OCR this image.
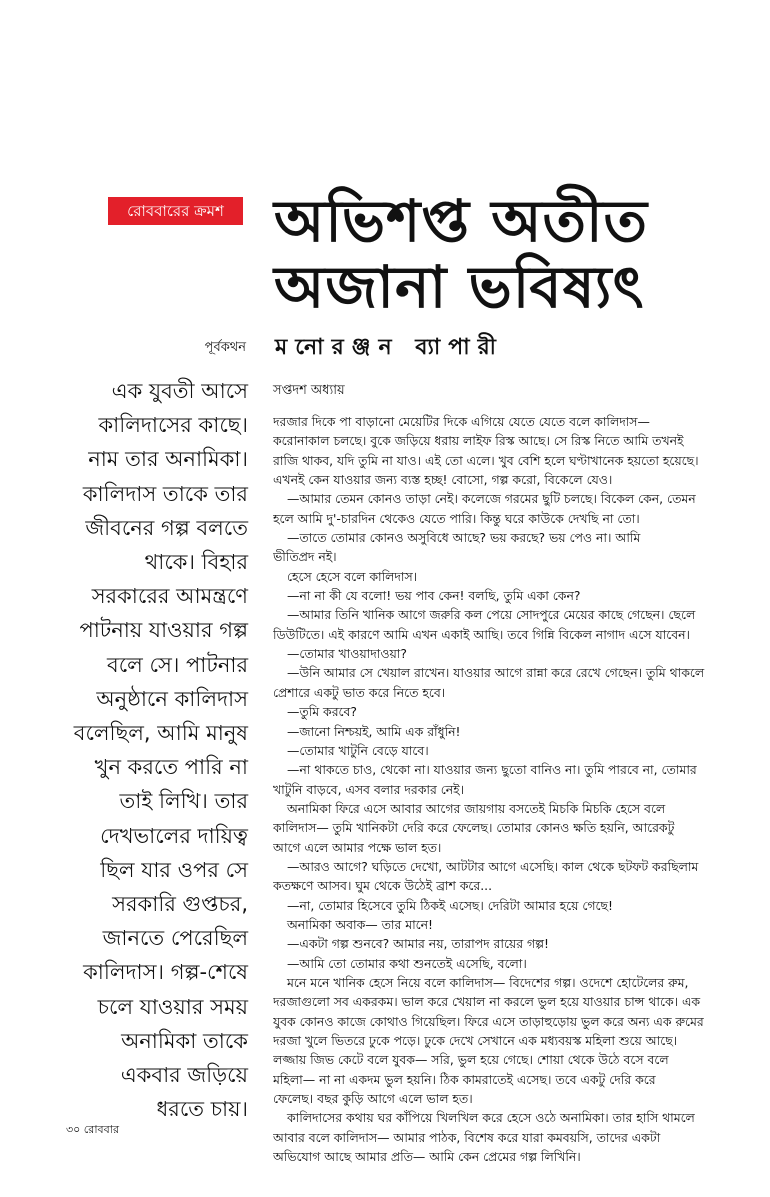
রোববারের ক্রমশ অভিশপ্ত অতীত
অজানা ভবিষ্যৎ
পূর্বকথন মনোরঞ্জন ব্যাপারী
সপ্তদশ অধ্যায়
এক যুবতী আসে
কালিদাসের কাছে।
নাম তার অনামিকা।
কালিদাস তাকে তার
জীবনের গল্প বলতে
থাকে। বিহার
সরকারের আমন্ত্রণে
পাটনায় যাওয়ার গল্প
বলে সে। পাটনার
অনুষ্ঠানে কালিদাস
বলেছিল, আমি মানুষ
খুন করতে পারি না
তাই লিখি। তার
দেখভালের দায়িত্ব
ছিল যার ওপর সে
সরকারি গুপ্তচর,
জানতে পেরেছিল
কালিদাস। গল্প-শেষে
চলে যাওয়ার সময়
অনামিকা তাকে
একবার জড়িয়ে
ধরতে চায়।
দরজার দিকে পা বাড়ানো মেয়েটির দিকে এগিয়ে যেতে যেতে বলে কালিদাস—
করোনাকাল চলছে। বুকে জড়িয়ে ধরায় লাইফ রিস্ক আছে। সে রিস্ক নিতে আমি তখনই
রাজি থাকব, যদি তুমি না যাও। এই তো এলে। খুব বেশি হলে ঘণ্টাখানেক হয়তো হয়েছে।
এখনই কেন যাওয়ার জন্য ব্যস্ত হচ্ছ! বোসো, গল্প করো, বিকেলে যেও।
—আমার তেমন কোনও তাড়া নেই। কলেজে গরমের ছুটি চলছে। বিকেল কেন, তেমন
হলে আমি দু'-চারদিন থেকেও যেতে পারি। কিন্তু ঘরে কাউকে দেখছি না তো।
—তাতে তোমার কোনও অসুবিধে আছে? ভয় করছে? ভয় পেও না। আমি
ভীতিপ্রদ নই।
হেসে হেসে বলে কালিদাস।
—না না কী যে বলো! ভয় পাব কেন! বলছি, তুমি একা কেন?
—আমার তিনি খানিক আগে জরুরি কল পেয়ে সোদপুরে মেয়ের কাছে গেছেন। ছেলে
ডিউটিতে। এই কারণে আমি এখন একাই আছি। তবে গিন্নি বিকেল নাগাদ এসে যাবেন।
—তোমার খাওয়াদাওয়া?
—উনি আমার সে খেয়াল রাখেন। যাওয়ার আগে রান্না করে রেখে গেছেন। তুমি থাকলে
প্রেশারে একটু ভাত করে নিতে হবে।
—তুমি করবে?
—জানো নিশ্চয়ই, আমি এক রাঁধুনি!
—তোমার খাটুনি বেড়ে যাবে।
—না থাকতে চাও, থেকো না। যাওয়ার জন্য ছুতো বানিও না। তুমি পারবে না, তোমার
খাটুনি বাড়বে, এসব বলার দরকার নেই।
অনামিকা ফিরে এসে আবার আগের জায়গায় বসতেই মিচকি মিচকি হেসে বলে
কালিদাস— তুমি খানিকটা দেরি করে ফেলেছ। তোমার কোনও ক্ষতি হয়নি, আরেকটু
আগে এলে আমার পক্ষে ভাল হত।
—আরও আগে? ঘড়িতে দেখো, আটটার আগে এসেছি। কাল থেকে ছটফট করছিলাম
কতক্ষণে আসব। ঘুম থেকে উঠেই ব্রাশ করে...
—না, তোমার হিসেবে তুমি ঠিকই এসেছ। দেরিটা আমার হয়ে গেছে!
অনামিকা অবাক— তার মানে!
—একটা গল্প শুনবে? আমার নয়, তারাপদ রায়ের গল্প!
—আমি তো তোমার কথা শুনতেই এসেছি, বলো।
মনে মনে খানিক হেসে নিয়ে বলে কালিদাস— বিদেশের গল্প। ওদেশে হোটেলের রুম,
দরজাগুলো সব একরকম। ভাল করে খেয়াল না করলে ভুল হয়ে যাওয়ার চান্স থাকে। এক
যুবক কোনও কাজে কোথাও গিয়েছিল। ফিরে এসে তাড়াহুড়োয় ভুল করে অন্য এক রুমের
দরজা খুলে ভিতরে ঢুকে পড়ে। ঢুকে দেখে সেখানে এক মধ্যবয়স্ক মহিলা শুয়ে আছে।
লজ্জায় জিভ কেটে বলে যুবক— সরি, ভুল হয়ে গেছে। শোয়া থেকে উঠে বসে বলে
মহিলা— না না একদম ভুল হয়নি। ঠিক কামরাতেই এসেছ। তবে একটু দেরি করে
ফেলেছ। বছর কুড়ি আগে এলে ভাল হত।
কালিদাসের কথায় ঘর কাঁপিয়ে খিলখিল করে হেসে ওঠে অনামিকা। তার হাসি থামলে
আবার বলে কালিদাস— আমার পাঠক, বিশেষ করে যারা কমবয়সি, তাদের একটা
অভিযোগ আছে আমার প্রতি— আমি কেন প্রেমের গল্প লিখিনি।
৩০ রোববার
